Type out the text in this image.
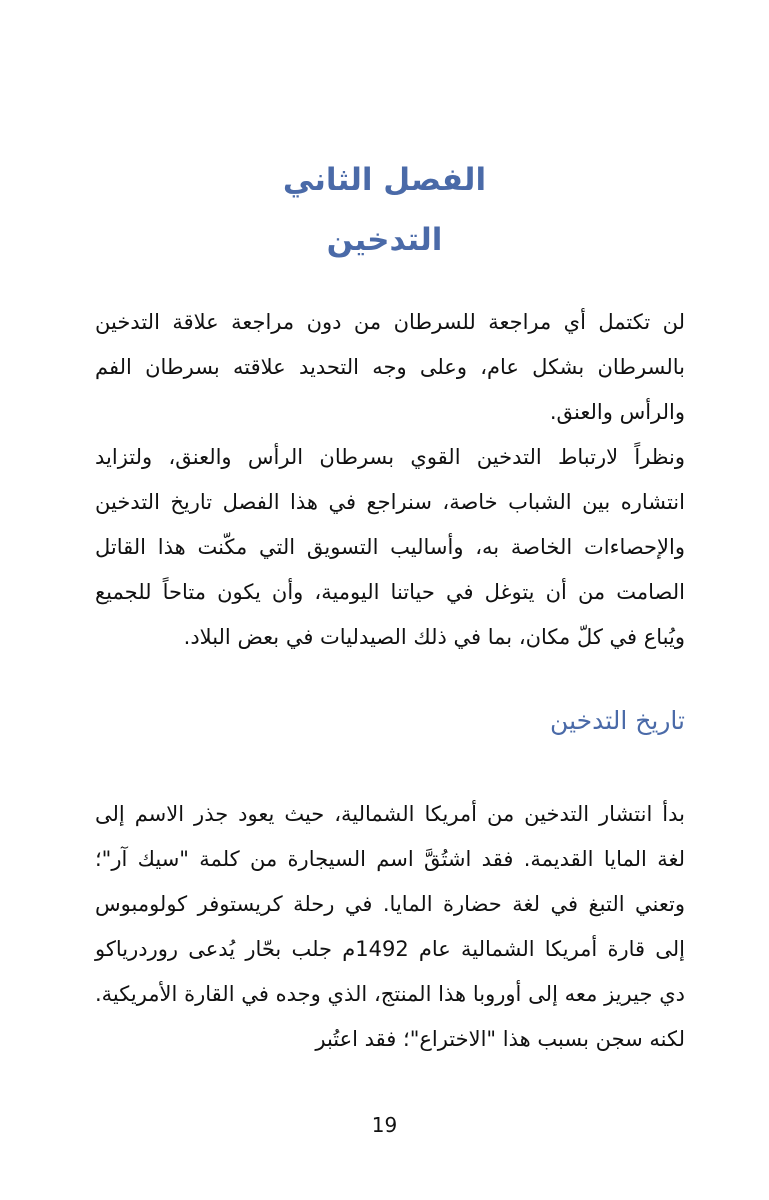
الفصل الثاني
التدخين

لن تكتمل أي مراجعة للسرطان من دون مراجعة علاقة التدخين بالسرطان بشكل عام، وعلى وجه التحديد علاقته بسرطان الفم والرأس والعنق.

ونظراً لارتباط التدخين القوي بسرطان الرأس والعنق، ولتزايد انتشاره بين الشباب خاصة، سنراجع في هذا الفصل تاريخ التدخين والإحصاءات الخاصة به، وأساليب التسويق التي مكّنت هذا القاتل الصامت من أن يتوغل في حياتنا اليومية، وأن يكون متاحاً للجميع ويُباع في كلّ مكان، بما في ذلك الصيدليات في بعض البلاد.

تاريخ التدخين

بدأ انتشار التدخين من أمريكا الشمالية، حيث يعود جذر الاسم إلى لغة المايا القديمة. فقد اشتُقَّ اسم السيجارة من كلمة "سيك آر"؛ وتعني التبغ في لغة حضارة المايا. في رحلة كريستوفر كولومبوس إلى قارة أمريكا الشمالية عام 1492م جلب بحّار يُدعى روردرياكو دي جيريز معه إلى أوروبا هذا المنتج، الذي وجده في القارة الأمريكية. لكنه سجن بسبب هذا "الاختراع"؛ فقد اعتُبر

19
